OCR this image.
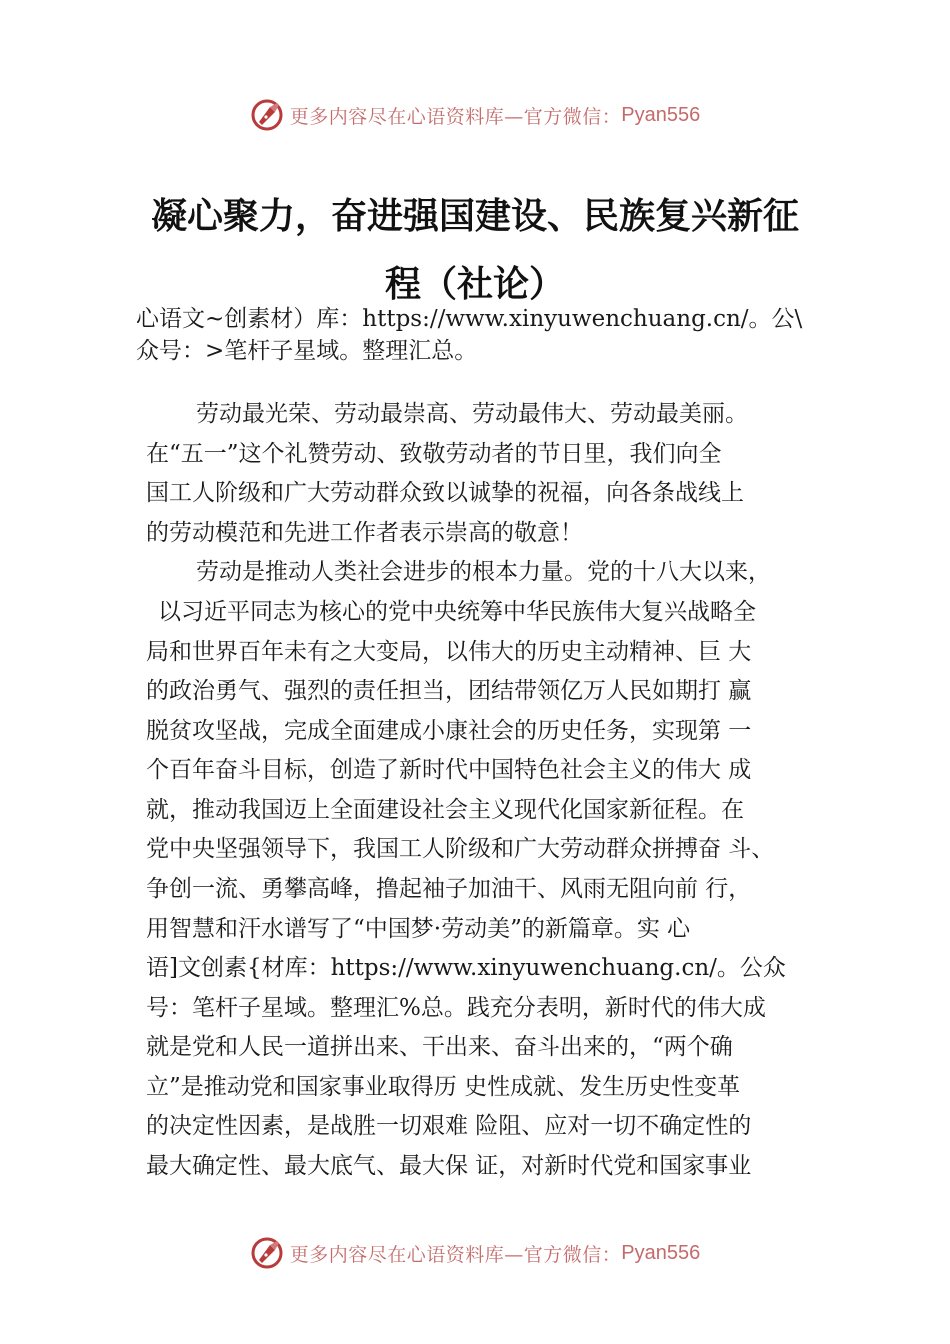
更多内容尽在心语资料库—官方微信： Pyan556
凝心聚力，奋进强国建设、民族复兴新征
程（社论）
心语文~创素材）库：https://www.xinyuwenchuang.cn/。公\
众号：>笔杆子星域。整理汇总。
劳动最光荣、劳动最崇高、劳动最伟大、劳动最美丽。
在“五一”这个礼赞劳动、致敬劳动者的节日里，我们向全
国工人阶级和广大劳动群众致以诚挚的祝福，向各条战线上
的劳动模范和先进工作者表示崇高的敬意！
劳动是推动人类社会进步的根本力量。党的十八大以来，
以习近平同志为核心的党中央统筹中华民族伟大复兴战略全
局和世界百年未有之大变局，以伟大的历史主动精神、巨 大
的政治勇气、强烈的责任担当，团结带领亿万人民如期打 赢
脱贫攻坚战，完成全面建成小康社会的历史任务，实现第 一
个百年奋斗目标，创造了新时代中国特色社会主义的伟大 成
就，推动我国迈上全面建设社会主义现代化国家新征程。在
党中央坚强领导下，我国工人阶级和广大劳动群众拼搏奋 斗、
争创一流、勇攀高峰，撸起袖子加油干、风雨无阻向前 行，
用智慧和汗水谱写了“中国梦·劳动美”的新篇章。实 心
语]文创素{材库：https://www.xinyuwenchuang.cn/。公众
号：笔杆子星域。整理汇%总。践充分表明，新时代的伟大成
就是党和人民一道拼出来、干出来、奋斗出来的，“两个确
立”是推动党和国家事业取得历 史性成就、发生历史性变革
的决定性因素，是战胜一切艰难 险阻、应对一切不确定性的
最大确定性、最大底气、最大保 证，对新时代党和国家事业
更多内容尽在心语资料库—官方微信： Pyan556
